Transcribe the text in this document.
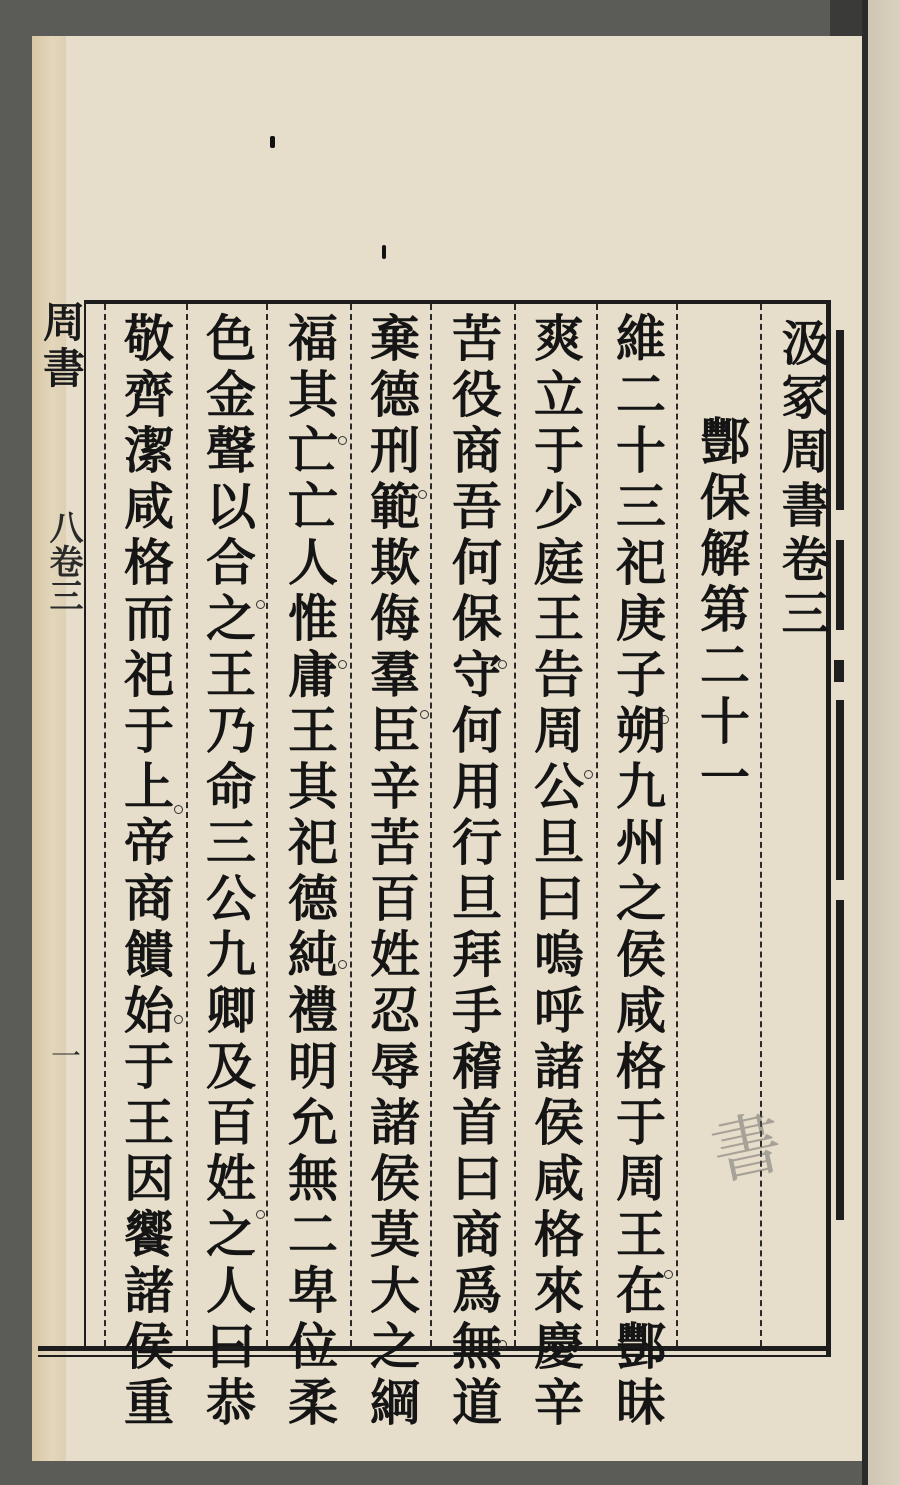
汲冢周書卷三
酆保解第二十一
維二十三祀庚子朔九州之侯咸格于周王在酆昧
爽立于少庭王告周公旦曰嗚呼諸侯咸格來慶辛
苦役商吾何保守何用行旦拜手稽首曰商爲無道
棄德刑範欺侮羣臣辛苦百姓忍辱諸侯莫大之綱
福其亡亡人惟庸王其祀德純禮明允無二卑位柔
色金聲以合之王乃命三公九卿及百姓之人曰恭
敬齊潔咸格而祀于上帝商饋始于王因饗諸侯重
周書
八卷三
一
書
